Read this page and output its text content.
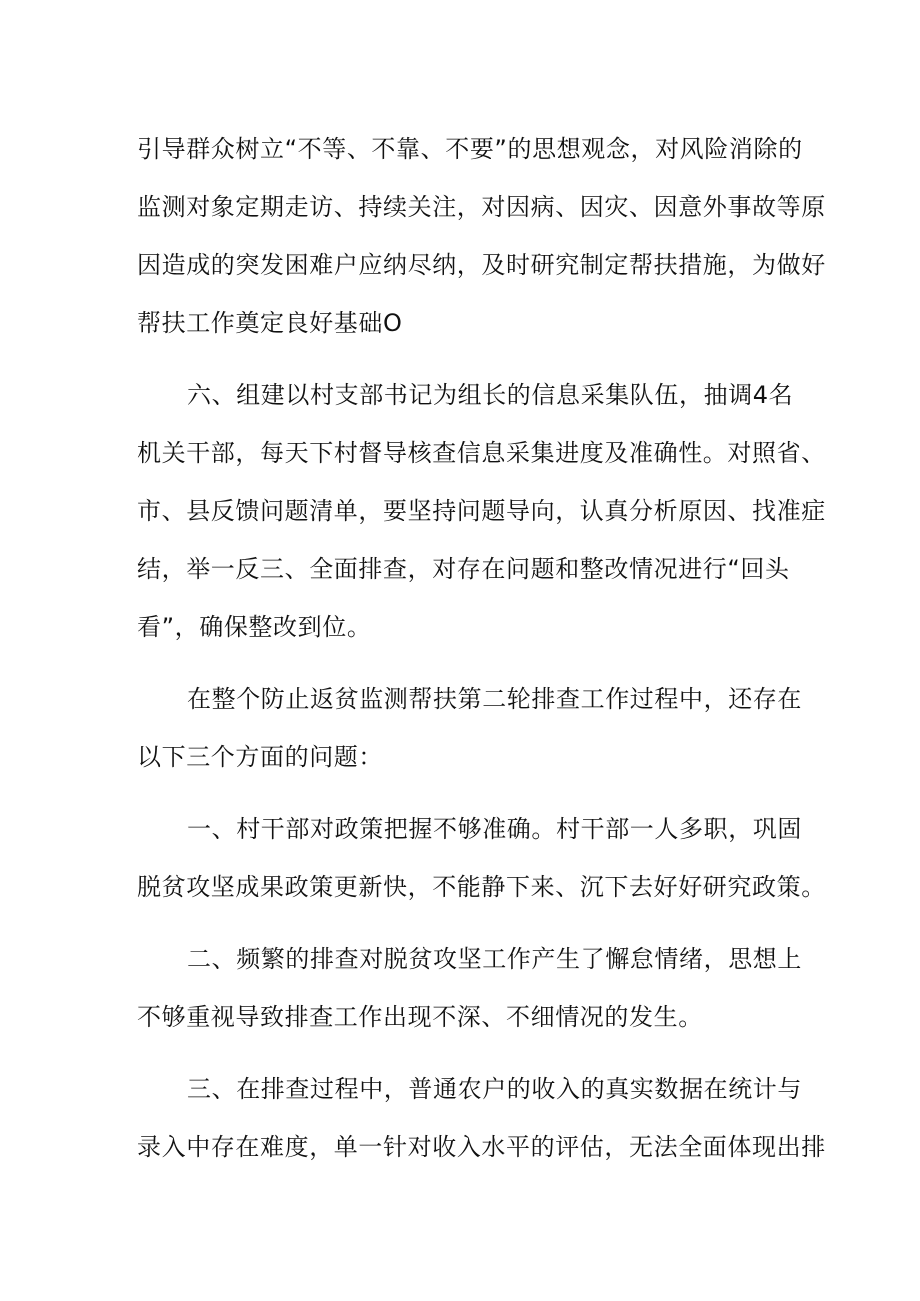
引导群众树立“不等、不靠、不要”的思想观念，对风险消除的
监测对象定期走访、持续关注，对因病、因灾、因意外事故等原
因造成的突发困难户应纳尽纳，及时研究制定帮扶措施，为做好
帮扶工作奠定良好基础O
六、组建以村支部书记为组长的信息采集队伍，抽调4名
机关干部，每天下村督导核查信息采集进度及准确性。对照省、
市、县反馈问题清单，要坚持问题导向，认真分析原因、找准症
结，举一反三、全面排查，对存在问题和整改情况进行“回头
看”，确保整改到位。
在整个防止返贫监测帮扶第二轮排查工作过程中，还存在
以下三个方面的问题：
一、村干部对政策把握不够准确。村干部一人多职，巩固
脱贫攻坚成果政策更新快，不能静下来、沉下去好好研究政策。
二、频繁的排查对脱贫攻坚工作产生了懈怠情绪，思想上
不够重视导致排查工作出现不深、不细情况的发生。
三、在排查过程中，普通农户的收入的真实数据在统计与
录入中存在难度，单一针对收入水平的评估，无法全面体现出排
